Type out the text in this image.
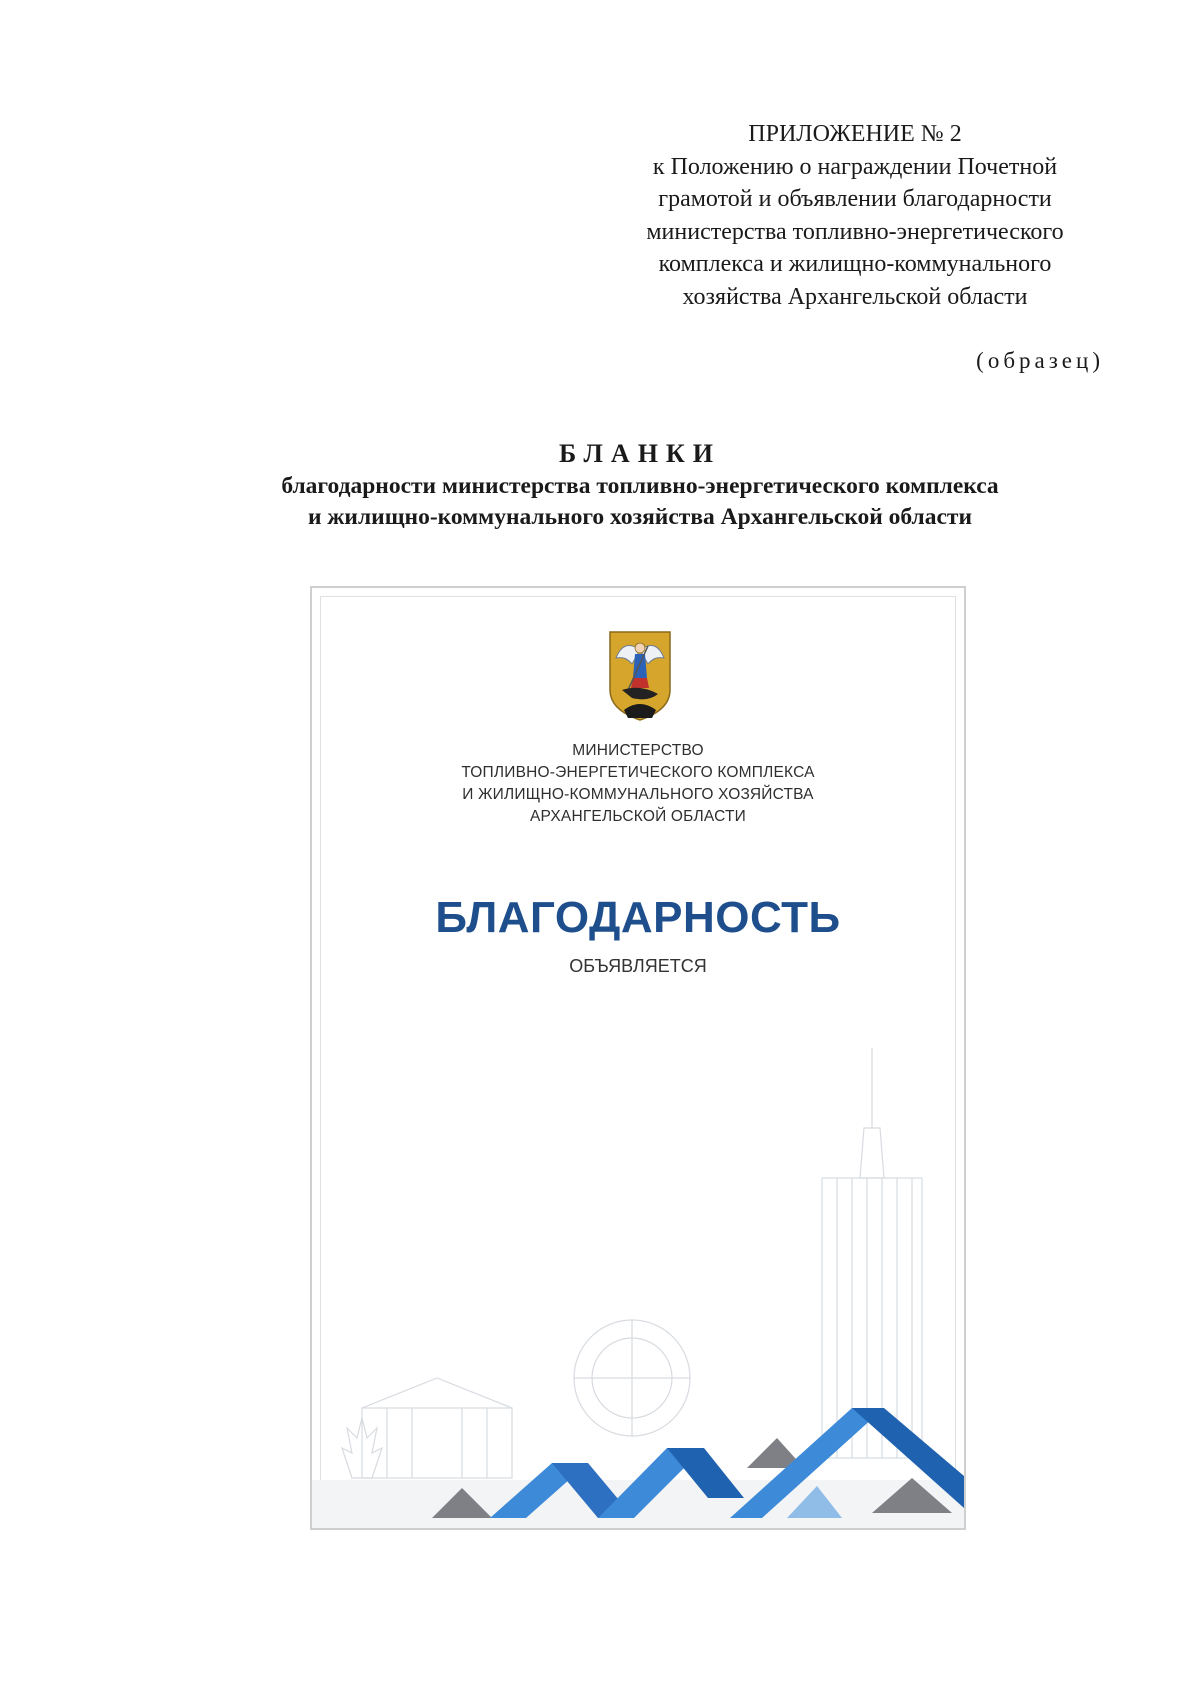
ПРИЛОЖЕНИЕ № 2
к Положению о награждении Почетной
грамотой и объявлении благодарности
министерства топливно-энергетического
комплекса и жилищно-коммунального
хозяйства Архангельской области
(образец)
БЛАНКИ
благодарности министерства топливно-энергетического комплекса
и жилищно-коммунального хозяйства Архангельской области
МИНИСТЕРСТВО
ТОПЛИВНО-ЭНЕРГЕТИЧЕСКОГО КОМПЛЕКСА
И ЖИЛИЩНО-КОММУНАЛЬНОГО ХОЗЯЙСТВА
АРХАНГЕЛЬСКОЙ ОБЛАСТИ
БЛАГОДАРНОСТЬ
ОБЪЯВЛЯЕТСЯ
